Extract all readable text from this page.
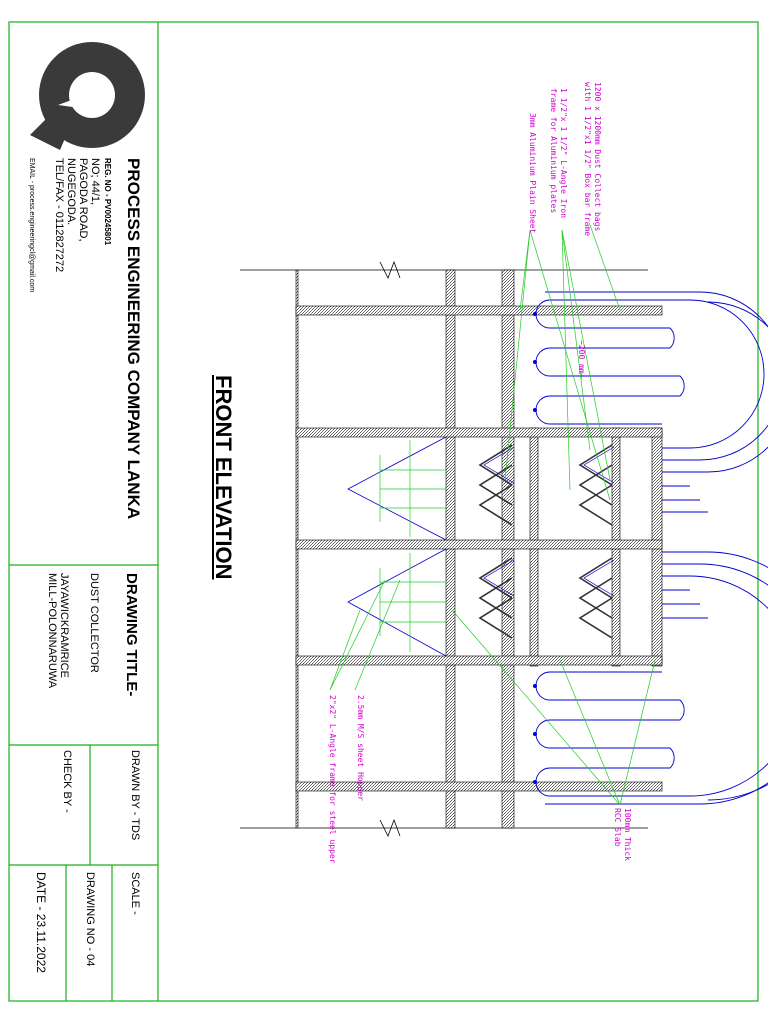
PROCESS ENGINEERING COMPANY LANKA
REG. NO - PV00245801
NO; 44/1,
PAGODA ROAD,
NUGEGODA.
TEL/FAX - 0112827272
EMAIL - process.engineeringcl@gmail.com
DRAWING TITLE-
DUST COLLECTOR
JAYAWICKRAMRICE
MILL-POLONNARUWA
DRAWN BY - TDS
CHECK BY -
SCALE -
DRAWING NO - 04
DATE - 23.11.2022
FRONT ELEVATION
1200 x 1200mm Dust Collect bags
with 1 1/2"x1 1/2" Box bar frame
1 1/2"x 1 1/2" L-Angle Iron
frame for Aluminium plates
3mm Aluminium Plain Sheet
~200 mm~
2.5mm M/S sheet Hopper
2"x2" L-Angle frame for steel upper	100mm Thick
RCC Slab
